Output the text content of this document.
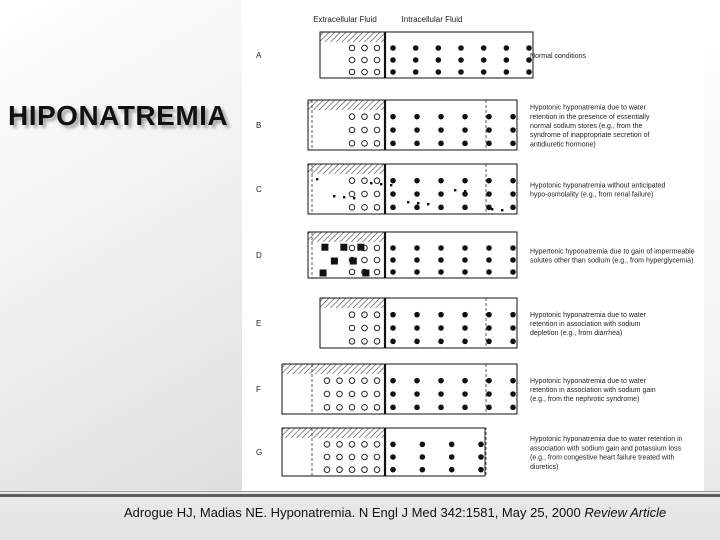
HIPONATREMIA
Extracellular Fluid	Intracellular Fluid
A	Normal conditions
B
Hypotonic hyponatremia due to water
retention in the presence of essentially
normal sodium stores (e.g., from the
syndrome of inappropriate secretion of
antidiuretic hormone)
C	Hypotonic hyponatremia without anticipated
hypo-osmolality (e.g., from renal failure)
D	Hypertonic hyponatremia due to gain of impermeable
solutes other than sodium (e.g., from hyperglycemia)
E
Hypotonic hyponatremia due to water
retention in association with sodium
depletion (e.g., from diarrhea)
F
Hypotonic hyponatremia due to water
retention in association with sodium gain
(e.g., from the nephrotic syndrome)
G
Hypotonic hyponatremia due to water retention in
association with sodium gain and potassium loss
(e.g., from congestive heart failure treated with
diuretics)
Adrogue HJ, Madias NE. Hyponatremia. N Engl J Med 342:1581, May 25, 2000 Review Article
